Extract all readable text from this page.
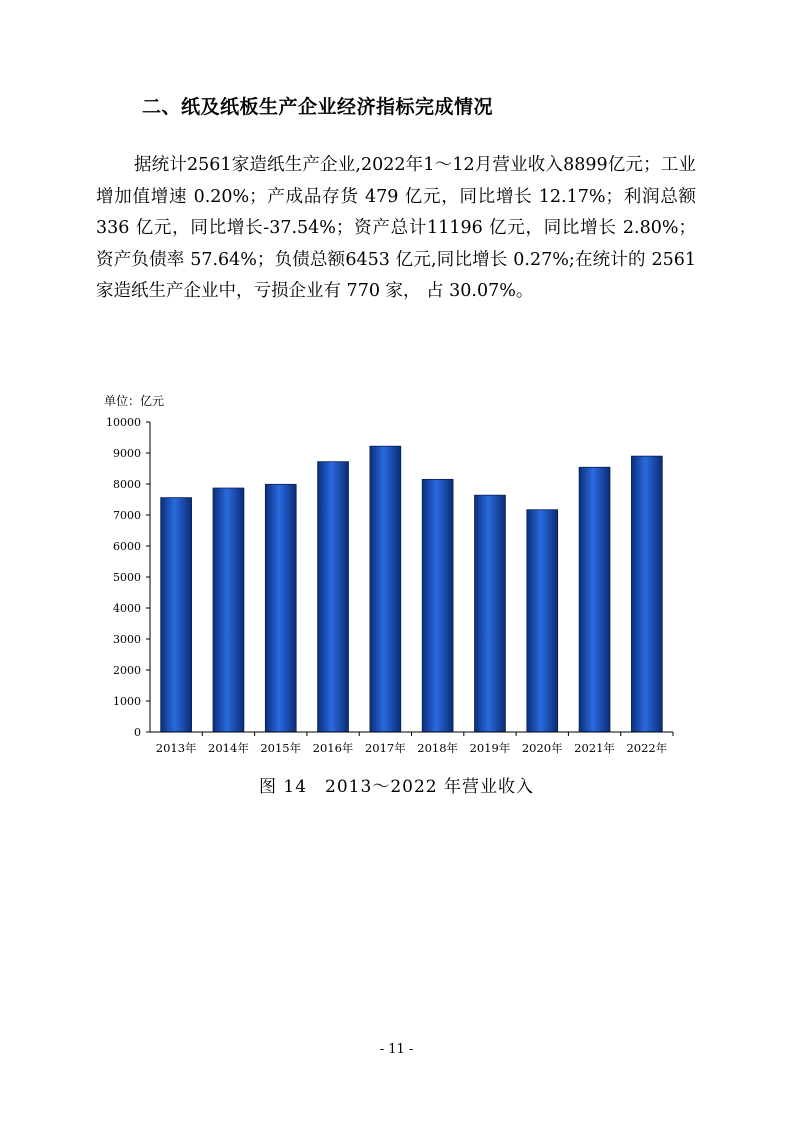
二、纸及纸板生产企业经济指标完成情况
据统计2561家造纸生产企业,2022年1～12月营业收入8899亿元；工业增加值增速 0.20%；产成品存货 479 亿元，同比增长 12.17%；利润总额 336 亿元，同比增长-37.54%；资产总计11196 亿元，同比增长 2.80%；资产负债率 57.64%；负债总额6453 亿元,同比增长 0.27%;在统计的 2561 家造纸生产企业中，亏损企业有 770 家， 占 30.07%。
单位：亿元
0
1000
2000
3000
4000
5000
6000
7000
8000
9000
10000
2013年 2014年 2015年 2016年 2017年 2018年 2019年 2020年 2021年 2022年
图 14　2013～2022 年营业收入
- 11 -
